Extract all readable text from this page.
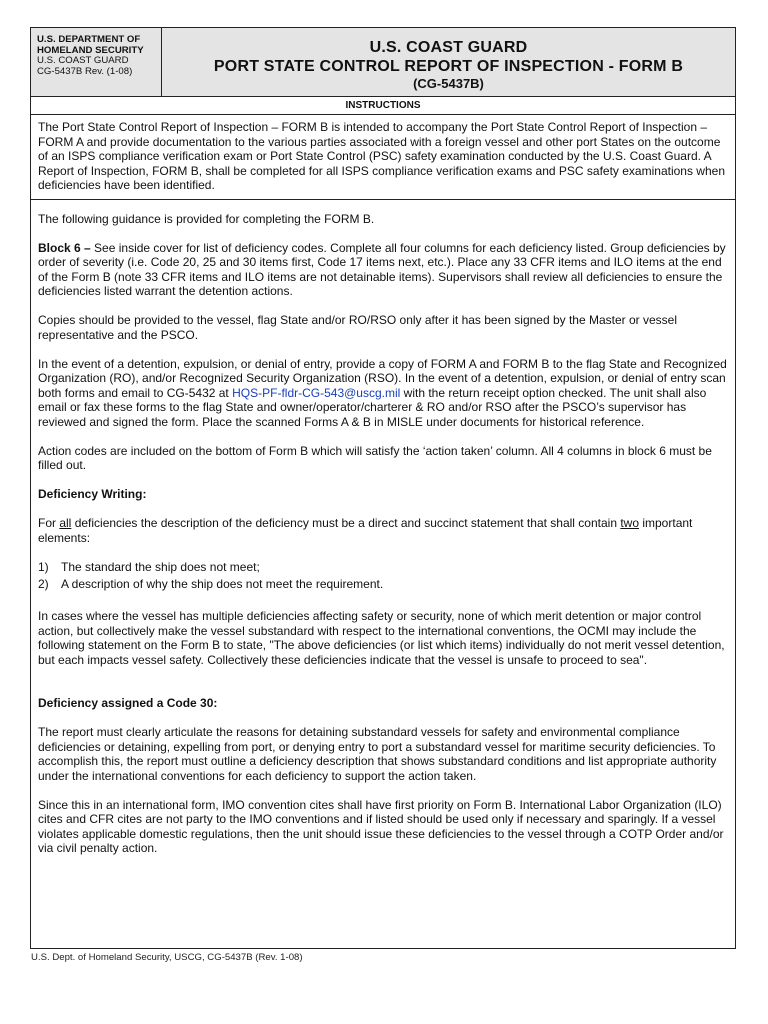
U.S. DEPARTMENT OF
HOMELAND SECURITY
U.S. COAST GUARD
CG-5437B Rev. (1-08)
U.S. COAST GUARD
PORT STATE CONTROL REPORT OF INSPECTION - FORM B
(CG-5437B)
INSTRUCTIONS
The Port State Control Report of Inspection – FORM B is intended to accompany the Port State Control Report of Inspection – FORM A and provide documentation to the various parties associated with a foreign vessel and other port States on the outcome of an ISPS compliance verification exam or Port State Control (PSC) safety examination conducted by the U.S. Coast Guard. A Report of Inspection, FORM B, shall be completed for all ISPS compliance verification exams and PSC safety examinations when deficiencies have been identified.

The following guidance is provided for completing the FORM B.

Block 6 – See inside cover for list of deficiency codes. Complete all four columns for each deficiency listed. Group deficiencies by order of severity (i.e. Code 20, 25 and 30 items first, Code 17 items next, etc.). Place any 33 CFR items and ILO items at the end of the Form B (note 33 CFR items and ILO items are not detainable items). Supervisors shall review all deficiencies to ensure the deficiencies listed warrant the detention actions.

Copies should be provided to the vessel, flag State and/or RO/RSO only after it has been signed by the Master or vessel representative and the PSCO.

In the event of a detention, expulsion, or denial of entry, provide a copy of FORM A and FORM B to the flag State and Recognized Organization (RO), and/or Recognized Security Organization (RSO). In the event of a detention, expulsion, or denial of entry scan both forms and email to CG-5432 at HQS-PF-fldr-CG-543@uscg.mil with the return receipt option checked. The unit shall also email or fax these forms to the flag State and owner/operator/charterer & RO and/or RSO after the PSCO’s supervisor has reviewed and signed the form. Place the scanned Forms A & B in MISLE under documents for historical reference.

Action codes are included on the bottom of Form B which will satisfy the ‘action taken’ column. All 4 columns in block 6 must be filled out.

Deficiency Writing:

For all deficiencies the description of the deficiency must be a direct and succinct statement that shall contain two important elements:

1)	The standard the ship does not meet;
2)	A description of why the ship does not meet the requirement.

In cases where the vessel has multiple deficiencies affecting safety or security, none of which merit detention or major control action, but collectively make the vessel substandard with respect to the international conventions, the OCMI may include the following statement on the Form B to state, "The above deficiencies (or list which items) individually do not merit vessel detention, but each impacts vessel safety. Collectively these deficiencies indicate that the vessel is unsafe to proceed to sea".

Deficiency assigned a Code 30:

The report must clearly articulate the reasons for detaining substandard vessels for safety and environmental compliance deficiencies or detaining, expelling from port, or denying entry to port a substandard vessel for maritime security deficiencies. To accomplish this, the report must outline a deficiency description that shows substandard conditions and list appropriate authority under the international conventions for each deficiency to support the action taken.

Since this in an international form, IMO convention cites shall have first priority on Form B. International Labor Organization (ILO) cites and CFR cites are not party to the IMO conventions and if listed should be used only if necessary and sparingly. If a vessel violates applicable domestic regulations, then the unit should issue these deficiencies to the vessel through a COTP Order and/or via civil penalty action.

U.S. Dept. of Homeland Security, USCG, CG-5437B (Rev. 1-08)
